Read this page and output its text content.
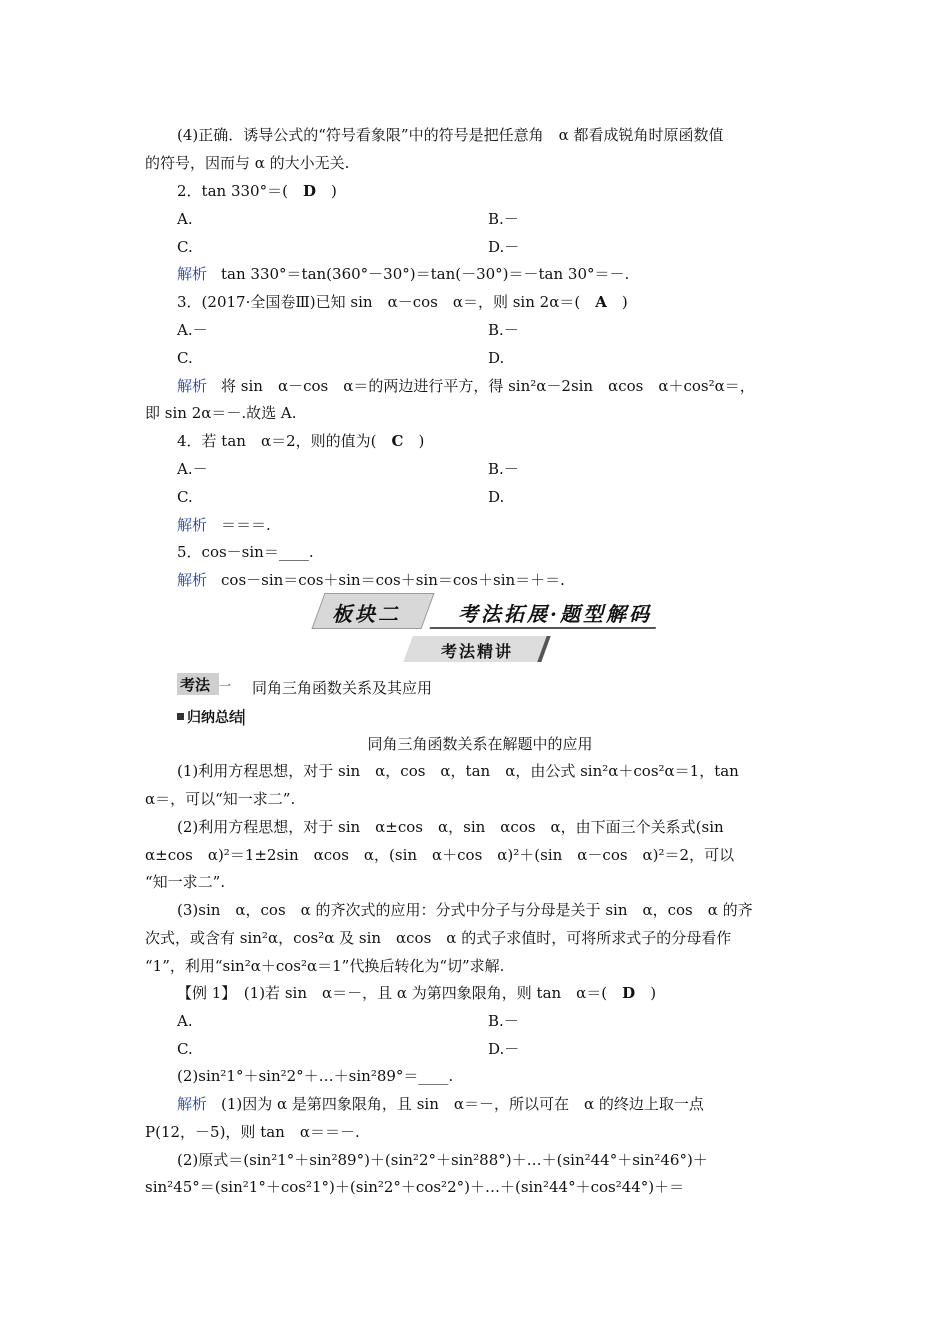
(4)正确．诱导公式的“符号看象限”中的符号是把任意角　α 都看成锐角时原函数值
的符号，因而与 α 的大小无关.
2．tan 330°＝(　D　)
A.	B.－
C.	D.－
解析 tan 330°＝tan(360°－30°)＝tan(－30°)＝－tan 30°＝－.
3．(2017·全国卷Ⅲ)已知 sin　α－cos　α＝，则 sin 2α＝(　A　)
A.－	B.－
C.	D.
解析 将 sin　α－cos　α＝的两边进行平方，得 sin²α－2sin　αcos　α＋cos²α＝，
即 sin 2α＝－.故选 A.
4．若 tan　α＝2，则的值为(　C　)
A.－	B.－
C.	D.
解析 ＝＝＝.
5．cos－sin＝____.
解析 cos－sin＝cos＋sin＝cos＋sin＝cos＋sin＝＋＝.
板块二	考法拓展·题型解码
考法精讲
考法 一 同角三角函数关系及其应用
归纳总结▏
同角三角函数关系在解题中的应用
(1)利用方程思想，对于 sin　α，cos　α，tan　α，由公式 sin²α＋cos²α＝1，tan
α＝，可以“知一求二”.
(2)利用方程思想，对于 sin　α±cos　α，sin　αcos　α，由下面三个关系式(sin
α±cos　α)²＝1±2sin　αcos　α，(sin　α＋cos　α)²＋(sin　α－cos　α)²＝2，可以
“知一求二”.
(3)sin　α，cos　α 的齐次式的应用：分式中分子与分母是关于 sin　α，cos　α 的齐
次式，或含有 sin²α，cos²α 及 sin　αcos　α 的式子求值时，可将所求式子的分母看作
“1”，利用“sin²α＋cos²α＝1”代换后转化为“切”求解.
【例 1】　(1)若 sin　α＝－，且 α 为第四象限角，则 tan　α＝(　D　)
A.	B.－
C.	D.－
(2)sin²1°＋sin²2°＋…＋sin²89°＝____.
解析 (1)因为 α 是第四象限角，且 sin　α＝－，所以可在　α 的终边上取一点
P(12，－5)，则 tan　α＝＝－.
(2)原式＝(sin²1°＋sin²89°)＋(sin²2°＋sin²88°)＋…＋(sin²44°＋sin²46°)＋
sin²45°＝(sin²1°＋cos²1°)＋(sin²2°＋cos²2°)＋…＋(sin²44°＋cos²44°)＋＝
